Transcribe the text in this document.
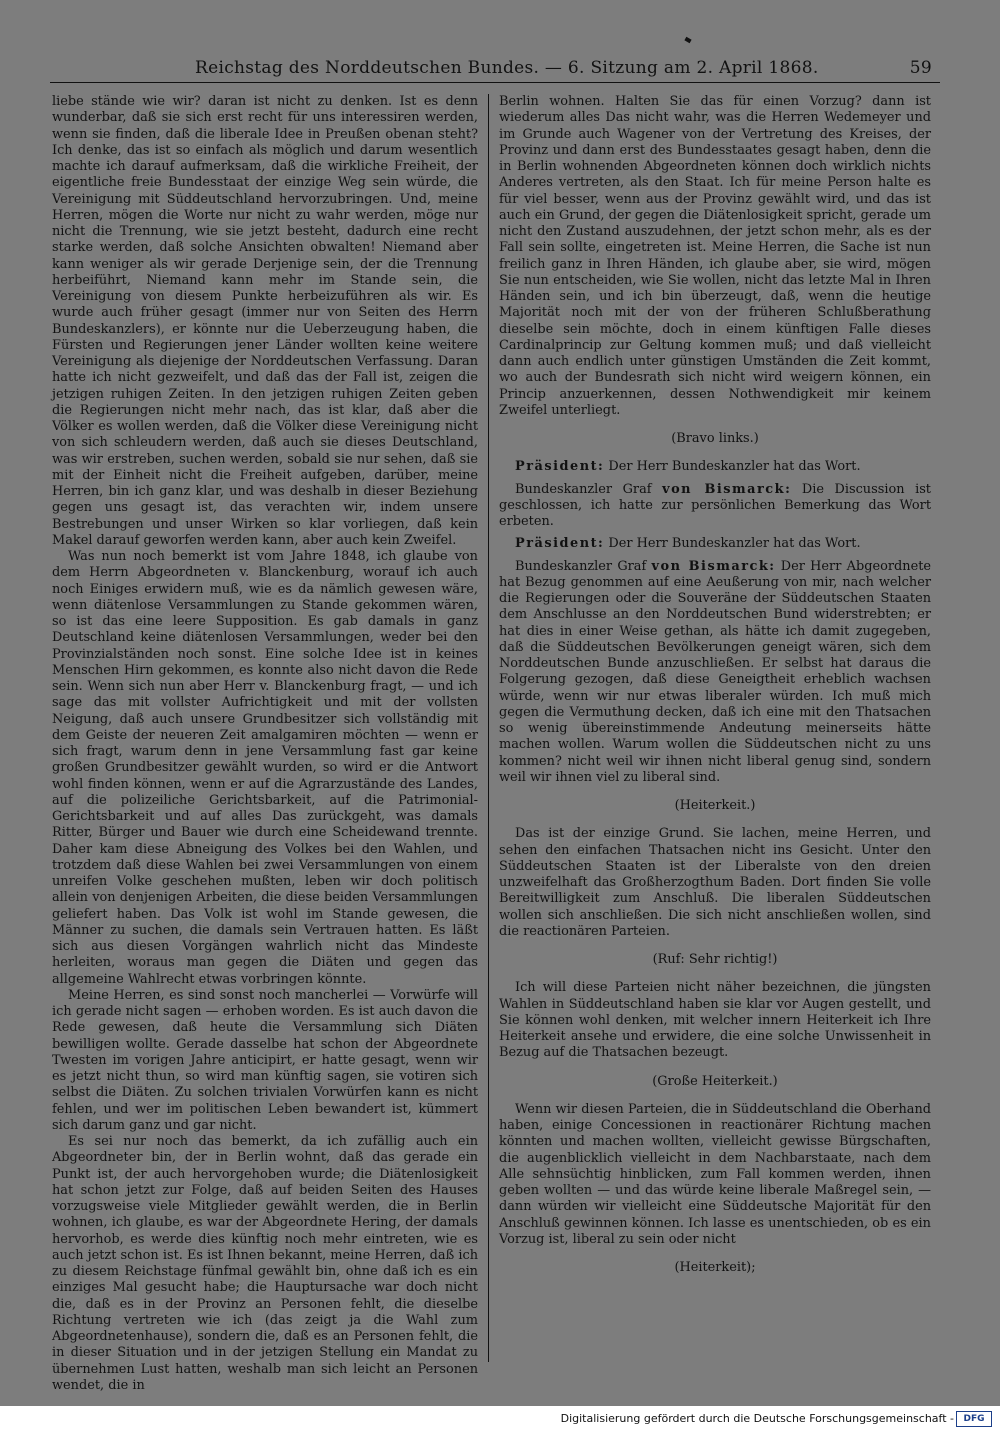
Reichstag des Norddeutschen Bundes. — 6. Sitzung am 2. April 1868.	59

liebe stände wie wir? daran ist nicht zu denken. Ist es denn wunderbar, daß sie sich erst recht für uns interessiren werden, wenn sie finden, daß die liberale Idee in Preußen obenan steht? Ich denke, das ist so einfach als möglich und darum wesentlich machte ich darauf aufmerksam, daß die wirkliche Freiheit, der eigentliche freie Bundesstaat der einzige Weg sein würde, die Vereinigung mit Süddeutschland hervorzubringen. Und, meine Herren, mögen die Worte nur nicht zu wahr werden, möge nur nicht die Trennung, wie sie jetzt besteht, dadurch eine recht starke werden, daß solche Ansichten obwalten! Niemand aber kann weniger als wir gerade Derjenige sein, der die Trennung herbeiführt, Niemand kann mehr im Stande sein, die Vereinigung von diesem Punkte herbeizuführen als wir. Es wurde auch früher gesagt (immer nur von Seiten des Herrn Bundeskanzlers), er könnte nur die Ueberzeugung haben, die Fürsten und Regierungen jener Länder wollten keine weitere Vereinigung als diejenige der Norddeutschen Verfassung. Daran hatte ich nicht gezweifelt, und daß das der Fall ist, zeigen die jetzigen ruhigen Zeiten. In den jetzigen ruhigen Zeiten geben die Regierungen nicht mehr nach, das ist klar, daß aber die Völker es wollen werden, daß die Völker diese Vereinigung nicht von sich schleudern werden, daß auch sie dieses Deutschland, was wir erstreben, suchen werden, sobald sie nur sehen, daß sie mit der Einheit nicht die Freiheit aufgeben, darüber, meine Herren, bin ich ganz klar, und was deshalb in dieser Beziehung gegen uns gesagt ist, das verachten wir, indem unsere Bestrebungen und unser Wirken so klar vorliegen, daß kein Makel darauf geworfen werden kann, aber auch kein Zweifel.

Was nun noch bemerkt ist vom Jahre 1848, ich glaube von dem Herrn Abgeordneten v. Blanckenburg, worauf ich auch noch Einiges erwidern muß, wie es da nämlich gewesen wäre, wenn diätenlose Versammlungen zu Stande gekommen wären, so ist das eine leere Supposition. Es gab damals in ganz Deutschland keine diätenlosen Versammlungen, weder bei den Provinzialständen noch sonst. Eine solche Idee ist in keines Menschen Hirn gekommen, es konnte also nicht davon die Rede sein. Wenn sich nun aber Herr v. Blanckenburg fragt, — und ich sage das mit vollster Aufrichtigkeit und mit der vollsten Neigung, daß auch unsere Grundbesitzer sich vollständig mit dem Geiste der neueren Zeit amalgamiren möchten — wenn er sich fragt, warum denn in jene Versammlung fast gar keine großen Grundbesitzer gewählt wurden, so wird er die Antwort wohl finden können, wenn er auf die Agrarzustände des Landes, auf die polizeiliche Gerichtsbarkeit, auf die Patrimonial-Gerichtsbarkeit und auf alles Das zurückgeht, was damals Ritter, Bürger und Bauer wie durch eine Scheidewand trennte. Daher kam diese Abneigung des Volkes bei den Wahlen, und trotzdem daß diese Wahlen bei zwei Versammlungen von einem unreifen Volke geschehen mußten, leben wir doch politisch allein von denjenigen Arbeiten, die diese beiden Versammlungen geliefert haben. Das Volk ist wohl im Stande gewesen, die Männer zu suchen, die damals sein Vertrauen hatten. Es läßt sich aus diesen Vorgängen wahrlich nicht das Mindeste herleiten, woraus man gegen die Diäten und gegen das allgemeine Wahlrecht etwas vorbringen könnte.

Meine Herren, es sind sonst noch mancherlei — Vorwürfe will ich gerade nicht sagen — erhoben worden. Es ist auch davon die Rede gewesen, daß heute die Versammlung sich Diäten bewilligen wollte. Gerade dasselbe hat schon der Abgeordnete Twesten im vorigen Jahre anticipirt, er hatte gesagt, wenn wir es jetzt nicht thun, so wird man künftig sagen, sie votiren sich selbst die Diäten. Zu solchen trivialen Vorwürfen kann es nicht fehlen, und wer im politischen Leben bewandert ist, kümmert sich darum ganz und gar nicht.

Es sei nur noch das bemerkt, da ich zufällig auch ein Abgeordneter bin, der in Berlin wohnt, daß das gerade ein Punkt ist, der auch hervorgehoben wurde; die Diätenlosigkeit hat schon jetzt zur Folge, daß auf beiden Seiten des Hauses vorzugsweise viele Mitglieder gewählt werden, die in Berlin wohnen, ich glaube, es war der Abgeordnete Hering, der damals hervorhob, es werde dies künftig noch mehr eintreten, wie es auch jetzt schon ist. Es ist Ihnen bekannt, meine Herren, daß ich zu diesem Reichstage fünfmal gewählt bin, ohne daß ich es ein einziges Mal gesucht habe; die Hauptursache war doch nicht die, daß es in der Provinz an Personen fehlt, die dieselbe Richtung vertreten wie ich (das zeigt ja die Wahl zum Abgeordnetenhause), sondern die, daß es an Personen fehlt, die in dieser Situation und in der jetzigen Stellung ein Mandat zu übernehmen Lust hatten, weshalb man sich leicht an Personen wendet, die in

Berlin wohnen. Halten Sie das für einen Vorzug? dann ist wiederum alles Das nicht wahr, was die Herren Wedemeyer und im Grunde auch Wagener von der Vertretung des Kreises, der Provinz und dann erst des Bundesstaates gesagt haben, denn die in Berlin wohnenden Abgeordneten können doch wirklich nichts Anderes vertreten, als den Staat. Ich für meine Person halte es für viel besser, wenn aus der Provinz gewählt wird, und das ist auch ein Grund, der gegen die Diätenlosigkeit spricht, gerade um nicht den Zustand auszudehnen, der jetzt schon mehr, als es der Fall sein sollte, eingetreten ist. Meine Herren, die Sache ist nun freilich ganz in Ihren Händen, ich glaube aber, sie wird, mögen Sie nun entscheiden, wie Sie wollen, nicht das letzte Mal in Ihren Händen sein, und ich bin überzeugt, daß, wenn die heutige Majorität noch mit der von der früheren Schlußberathung dieselbe sein möchte, doch in einem künftigen Falle dieses Cardinalprincip zur Geltung kommen muß; und daß vielleicht dann auch endlich unter günstigen Umständen die Zeit kommt, wo auch der Bundesrath sich nicht wird weigern können, ein Princip anzuerkennen, dessen Nothwendigkeit mir keinem Zweifel unterliegt.

(Bravo links.)

Präsident: Der Herr Bundeskanzler hat das Wort.

Bundeskanzler Graf von Bismarck: Die Discussion ist geschlossen, ich hatte zur persönlichen Bemerkung das Wort erbeten.

Präsident: Der Herr Bundeskanzler hat das Wort.

Bundeskanzler Graf von Bismarck: Der Herr Abgeordnete hat Bezug genommen auf eine Aeußerung von mir, nach welcher die Regierungen oder die Souveräne der Süddeutschen Staaten dem Anschlusse an den Norddeutschen Bund widerstrebten; er hat dies in einer Weise gethan, als hätte ich damit zugegeben, daß die Süddeutschen Bevölkerungen geneigt wären, sich dem Norddeutschen Bunde anzuschließen. Er selbst hat daraus die Folgerung gezogen, daß diese Geneigtheit erheblich wachsen würde, wenn wir nur etwas liberaler würden. Ich muß mich gegen die Vermuthung decken, daß ich eine mit den Thatsachen so wenig übereinstimmende Andeutung meinerseits hätte machen wollen. Warum wollen die Süddeutschen nicht zu uns kommen? nicht weil wir ihnen nicht liberal genug sind, sondern weil wir ihnen viel zu liberal sind.

(Heiterkeit.)

Das ist der einzige Grund. Sie lachen, meine Herren, und sehen den einfachen Thatsachen nicht ins Gesicht. Unter den Süddeutschen Staaten ist der Liberalste von den dreien unzweifelhaft das Großherzogthum Baden. Dort finden Sie volle Bereitwilligkeit zum Anschluß. Die liberalen Süddeutschen wollen sich anschließen. Die sich nicht anschließen wollen, sind die reactionären Parteien.

(Ruf: Sehr richtig!)

Ich will diese Parteien nicht näher bezeichnen, die jüngsten Wahlen in Süddeutschland haben sie klar vor Augen gestellt, und Sie können wohl denken, mit welcher innern Heiterkeit ich Ihre Heiterkeit ansehe und erwidere, die eine solche Unwissenheit in Bezug auf die Thatsachen bezeugt.

(Große Heiterkeit.)

Wenn wir diesen Parteien, die in Süddeutschland die Oberhand haben, einige Concessionen in reactionärer Richtung machen könnten und machen wollten, vielleicht gewisse Bürgschaften, die augenblicklich vielleicht in dem Nachbarstaate, nach dem Alle sehnsüchtig hinblicken, zum Fall kommen werden, ihnen geben wollten — und das würde keine liberale Maßregel sein, — dann würden wir vielleicht eine Süddeutsche Majorität für den Anschluß gewinnen können. Ich lasse es unentschieden, ob es ein Vorzug ist, liberal zu sein oder nicht

(Heiterkeit);

Digitalisierung gefördert durch die Deutsche Forschungsgemeinschaft -	DFG
